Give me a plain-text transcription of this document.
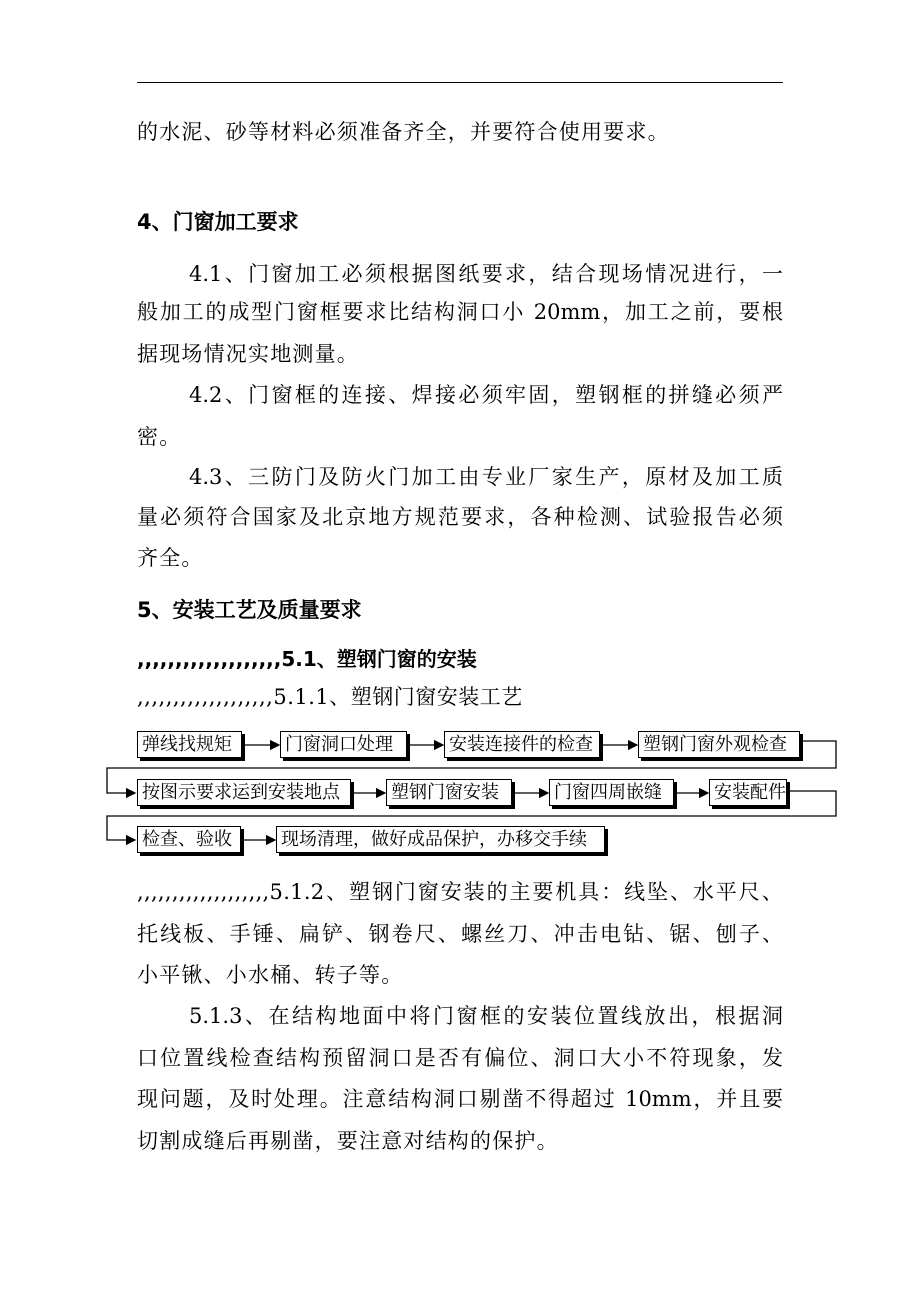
的水泥、砂等材料必须准备齐全，并要符合使用要求。
4、门窗加工要求
4.1、门窗加工必须根据图纸要求，结合现场情况进行，一
般加工的成型门窗框要求比结构洞口小 20mm，加工之前，要根
据现场情况实地测量。
4.2、门窗框的连接、焊接必须牢固，塑钢框的拼缝必须严
密。
4.3、三防门及防火门加工由专业厂家生产，原材及加工质
量必须符合国家及北京地方规范要求，各种检测、试验报告必须
齐全。
5、安装工艺及质量要求
,,,,,,,,,,,,,,,,,,,5.1、塑钢门窗的安装
,,,,,,,,,,,,,,,,,,,5.1.1、塑钢门窗安装工艺
弹线找规矩	门窗洞口处理	安装连接件的检查	塑钢门窗外观检查
按图示要求运到安装地点	塑钢门窗安装	门窗四周嵌缝	安装配件
检查、验收	现场清理，做好成品保护，办移交手续
,,,,,,,,,,,,,,,,,,,5.1.2、塑钢门窗安装的主要机具：线坠、水平尺、
托线板、手锤、扁铲、钢卷尺、螺丝刀、冲击电钻、锯、刨子、
小平锹、小水桶、转子等。
5.1.3、在结构地面中将门窗框的安装位置线放出，根据洞
口位置线检查结构预留洞口是否有偏位、洞口大小不符现象，发
现问题，及时处理。注意结构洞口剔凿不得超过 10mm，并且要
切割成缝后再剔凿，要注意对结构的保护。
